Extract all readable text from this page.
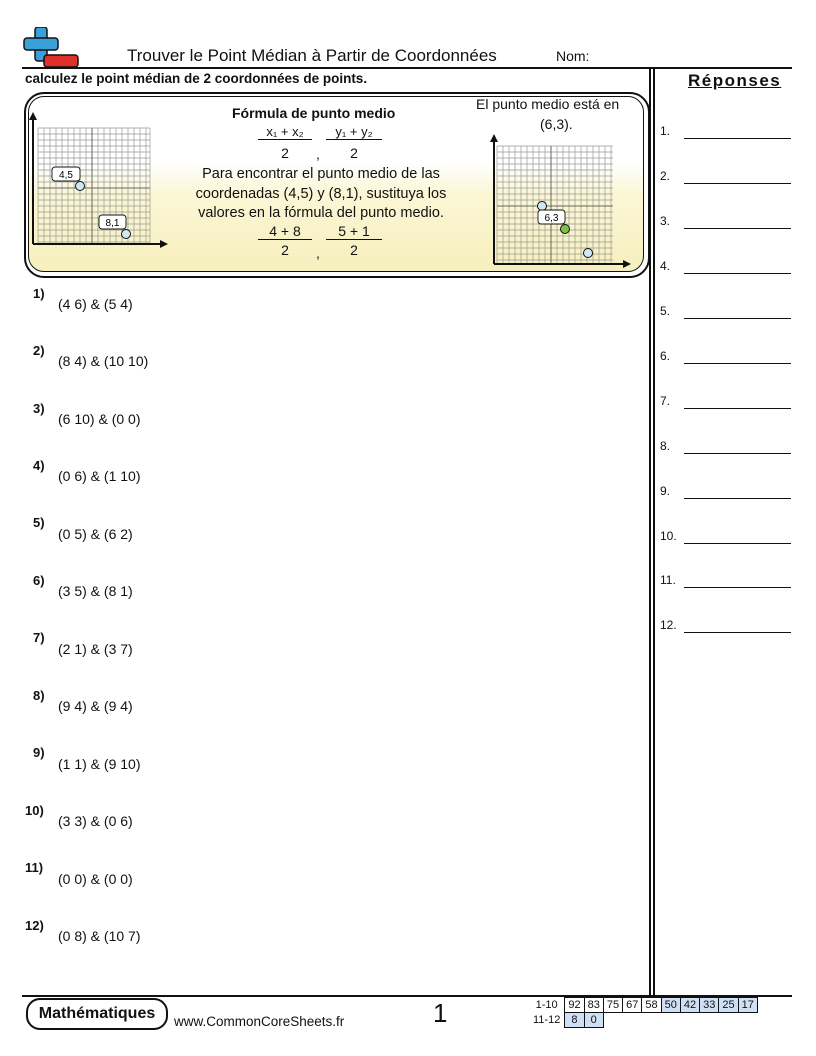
Trouver le Point Médian à Partir de Coordonnées	Nom:
calculez le point médian de 2 coordonnées de points.	Réponses
4,5
8,1
Fórmula de punto medio
x₁ + x₂
2	,
y₁ + y₂
2
Para encontrar el punto medio de las coordenadas (4,5) y (8,1), sustituya los valores en la fórmula del punto medio.
4 + 8
2	,
5 + 1
2
El punto medio está en
(6,3).
6,3
1)
(4 6) & (5 4)
2)
(8 4) & (10 10)
3)
(6 10) & (0 0)
4)
(0 6) & (1 10)
5)
(0 5) & (6 2)
6)
(3 5) & (8 1)
7)
(2 1) & (3 7)
8)
(9 4) & (9 4)
9)
(1 1) & (9 10)
10)
(3 3) & (0 6)
11)
(0 0) & (0 0)
12)
(0 8) & (10 7)
1.
2.
3.
4.
5.
6.
7.
8.
9.
10.
11.
12.
Mathématiques	www.CommonCoreSheets.fr	1	1-10	92	83	75	67	58	50	42	33	25	17
11-12	8	0								
